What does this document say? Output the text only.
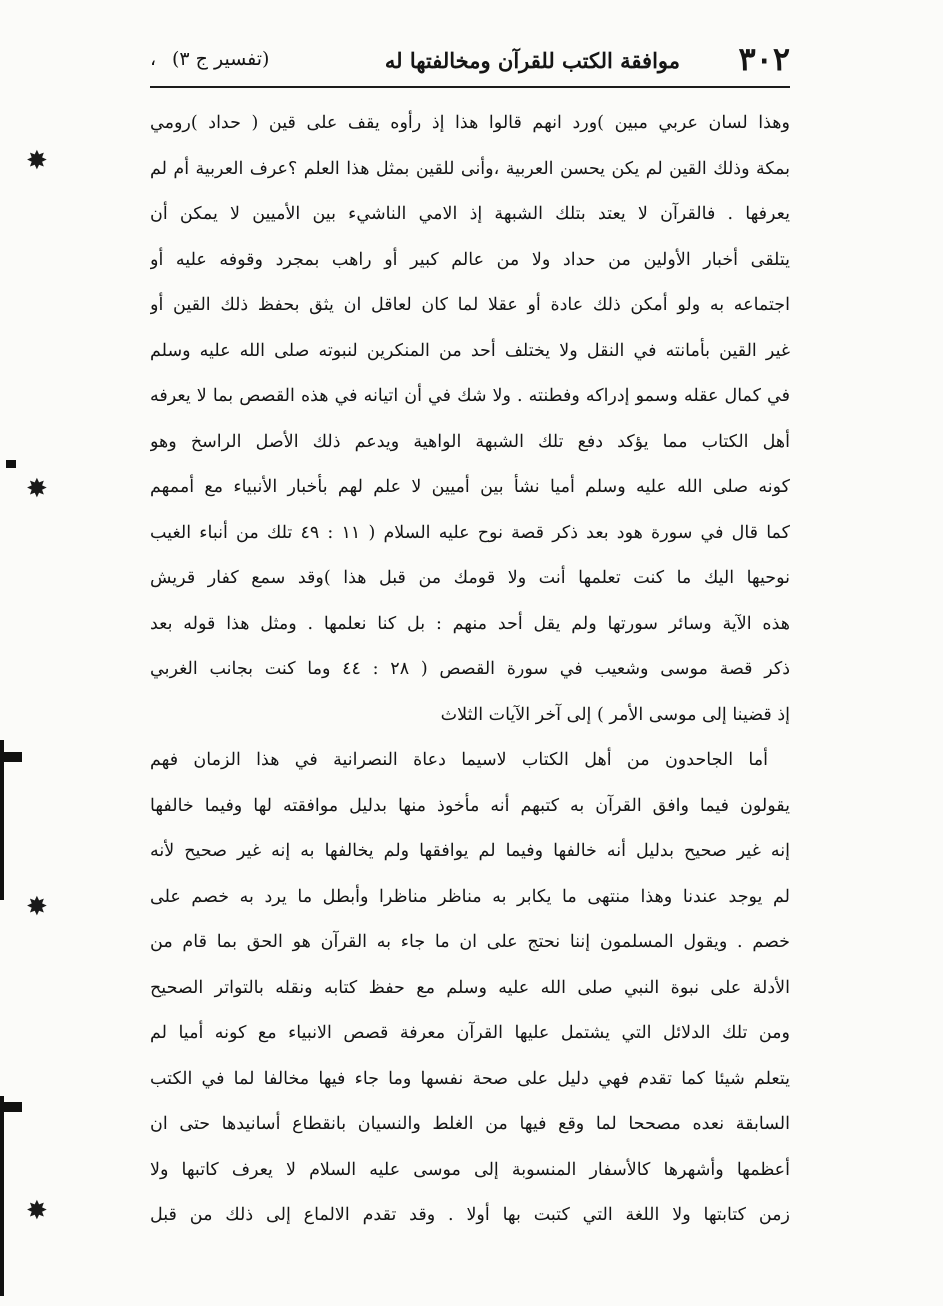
٣٠٢
موافقة الكتب للقرآن ومخالفتها له
(تفسير ج ٣)
،
وهذا لسان عربي مبين )ورد انهم قالوا هذا إذ رأوه يقف على قين ( حداد )رومي
بمكة وذلك القين لم يكن يحسن العربية ،وأنى للقين بمثل هذا العلم ؟عرف العربية أم لم
يعرفها . فالقرآن لا يعتد بتلك الشبهة إذ الامي الناشيء بين الأميين لا يمكن أن
يتلقى أخبار الأولين من حداد ولا من عالم كبير أو راهب بمجرد وقوفه عليه أو
اجتماعه به ولو أمكن ذلك عادة أو عقلا لما كان لعاقل ان يثق بحفظ ذلك القين أو
غير القين بأمانته في النقل ولا يختلف أحد من المنكرين لنبوته صلى الله عليه وسلم
في كمال عقله وسمو إدراكه وفطنته . ولا شك في أن اتيانه في هذه القصص بما لا يعرفه
أهل الكتاب مما يؤكد دفع تلك الشبهة الواهية ويدعم ذلك الأصل الراسخ وهو
كونه صلى الله عليه وسلم أميا نشأ بين أميين لا علم لهم بأخبار الأنبياء مع أممهم
كما قال في سورة هود بعد ذكر قصة نوح عليه السلام ( ١١ : ٤٩ تلك من أنباء الغيب
نوحيها اليك ما كنت تعلمها أنت ولا قومك من قبل هذا )وقد سمع كفار قريش
هذه الآية وسائر سورتها ولم يقل أحد منهم : بل كنا نعلمها . ومثل هذا قوله بعد
ذكر قصة موسى وشعيب في سورة القصص ( ٢٨ : ٤٤ وما كنت بجانب الغربي
إذ قضينا إلى موسى الأمر ) إلى آخر الآيات الثلاث
أما الجاحدون من أهل الكتاب لاسيما دعاة النصرانية في هذا الزمان فهم
يقولون فيما وافق القرآن به كتبهم أنه مأخوذ منها بدليل موافقته لها وفيما خالفها
إنه غير صحيح بدليل أنه خالفها وفيما لم يوافقها ولم يخالفها به إنه غير صحيح لأنه
لم يوجد عندنا وهذا منتهى ما يكابر به مناظر مناظرا وأبطل ما يرد به خصم على
خصم . ويقول المسلمون إننا نحتج على ان ما جاء به القرآن هو الحق بما قام من
الأدلة على نبوة النبي صلى الله عليه وسلم مع حفظ كتابه ونقله بالتواتر الصحيح
ومن تلك الدلائل التي يشتمل عليها القرآن معرفة قصص الانبياء مع كونه أميا لم
يتعلم شيئا كما تقدم فهي دليل على صحة نفسها وما جاء فيها مخالفا لما في الكتب
السابقة نعده مصححا لما وقع فيها من الغلط والنسيان بانقطاع أسانيدها حتى ان
أعظمها وأشهرها كالأسفار المنسوبة إلى موسى عليه السلام لا يعرف كاتبها ولا
زمن كتابتها ولا اللغة التي كتبت بها أولا . وقد تقدم الالماع إلى ذلك من قبل
✸
✸
✸
✸
